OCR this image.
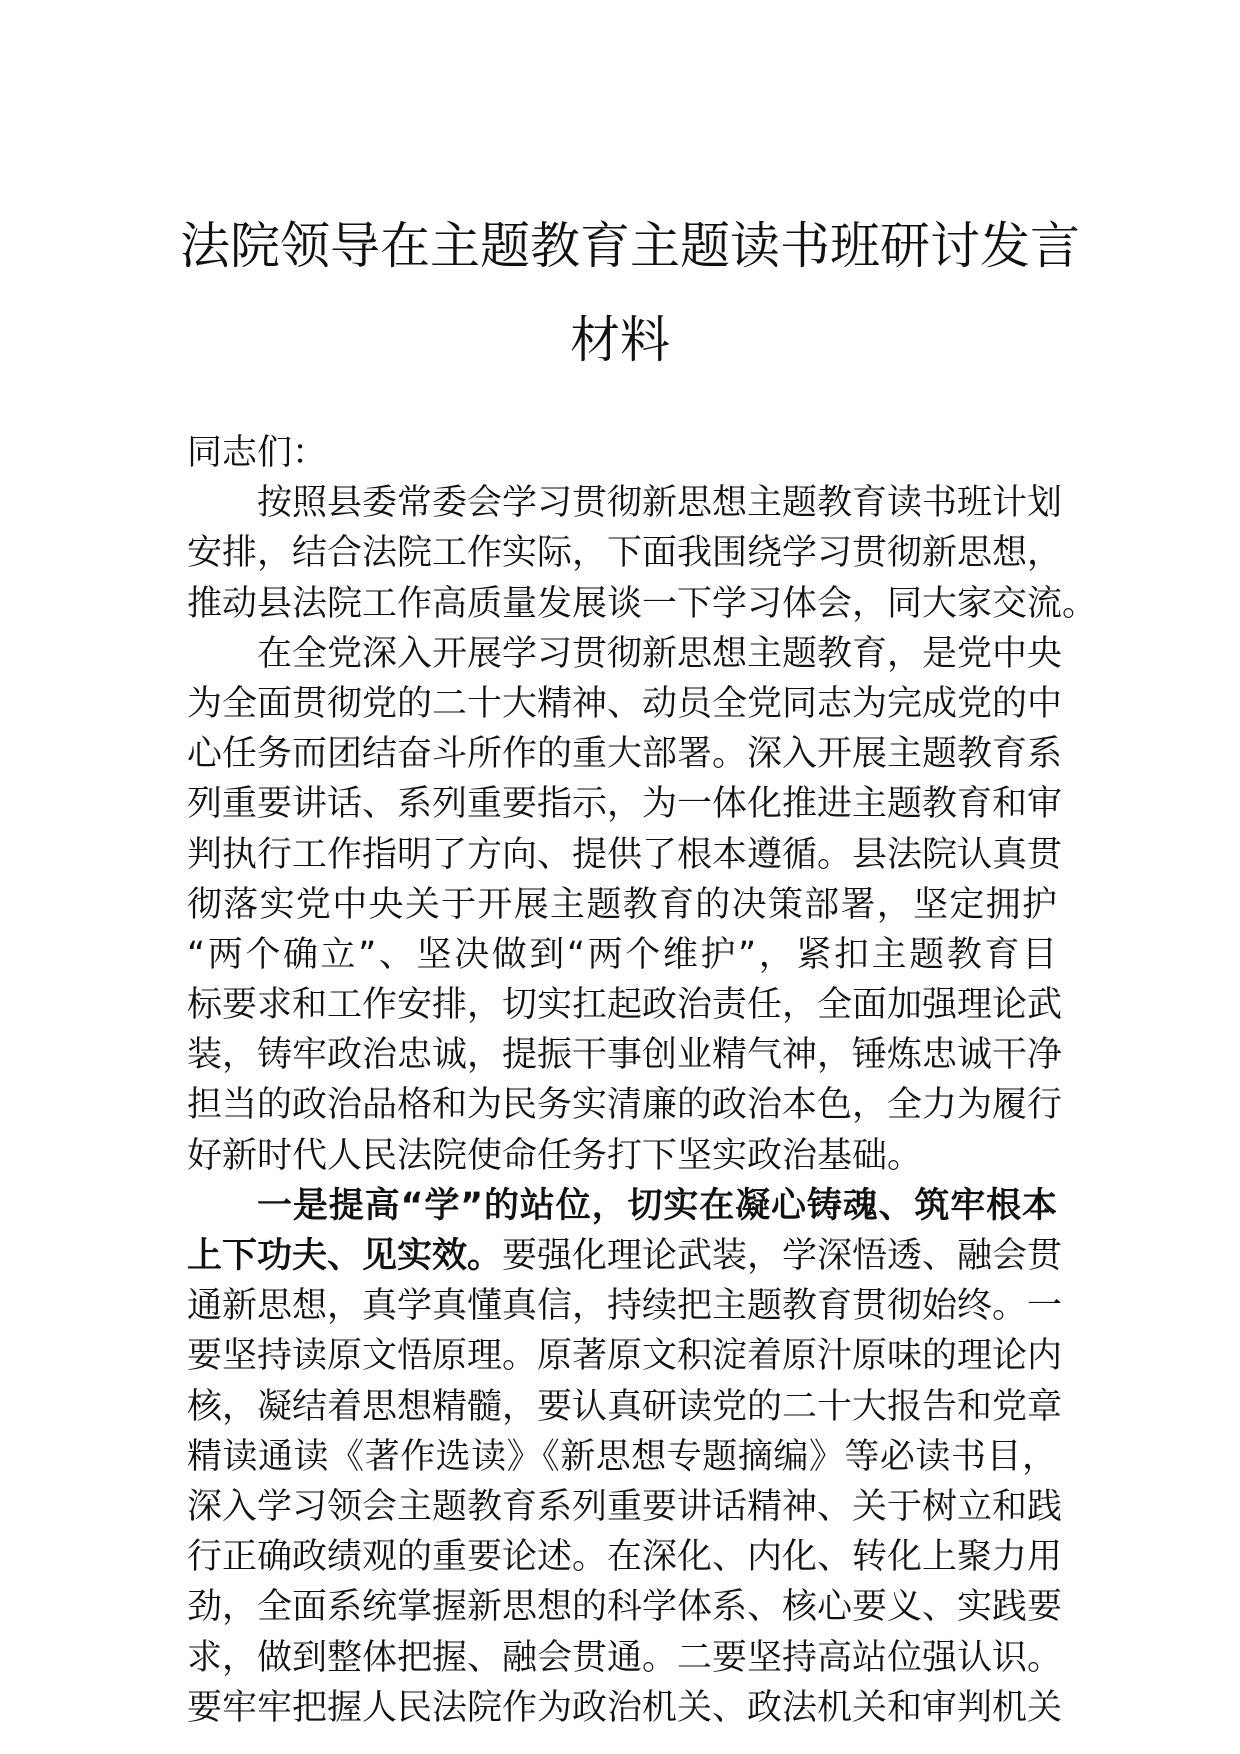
法院领导在主题教育主题读书班研讨发言
材料
同志们：
按照县委常委会学习贯彻新思想主题教育读书班计划
安排，结合法院工作实际，下面我围绕学习贯彻新思想，
推动县法院工作高质量发展谈一下学习体会，同大家交流。
在全党深入开展学习贯彻新思想主题教育，是党中央
为全面贯彻党的二十大精神、动员全党同志为完成党的中
心任务而团结奋斗所作的重大部署。深入开展主题教育系
列重要讲话、系列重要指示，为一体化推进主题教育和审
判执行工作指明了方向、提供了根本遵循。县法院认真贯
彻落实党中央关于开展主题教育的决策部署，坚定拥护
“两个确立”、坚决做到“两个维护”，紧扣主题教育目
标要求和工作安排，切实扛起政治责任，全面加强理论武
装，铸牢政治忠诚，提振干事创业精气神，锤炼忠诚干净
担当的政治品格和为民务实清廉的政治本色，全力为履行
好新时代人民法院使命任务打下坚实政治基础。
一是提高“学”的站位，切实在凝心铸魂、筑牢根本
上下功夫、见实效。要强化理论武装，学深悟透、融会贯
通新思想，真学真懂真信，持续把主题教育贯彻始终。一
要坚持读原文悟原理。原著原文积淀着原汁原味的理论内
核，凝结着思想精髓，要认真研读党的二十大报告和党章
精读通读《著作选读》《新思想专题摘编》等必读书目，
深入学习领会主题教育系列重要讲话精神、关于树立和践
行正确政绩观的重要论述。在深化、内化、转化上聚力用
劲，全面系统掌握新思想的科学体系、核心要义、实践要
求，做到整体把握、融会贯通。二要坚持高站位强认识。
要牢牢把握人民法院作为政治机关、政法机关和审判机关
